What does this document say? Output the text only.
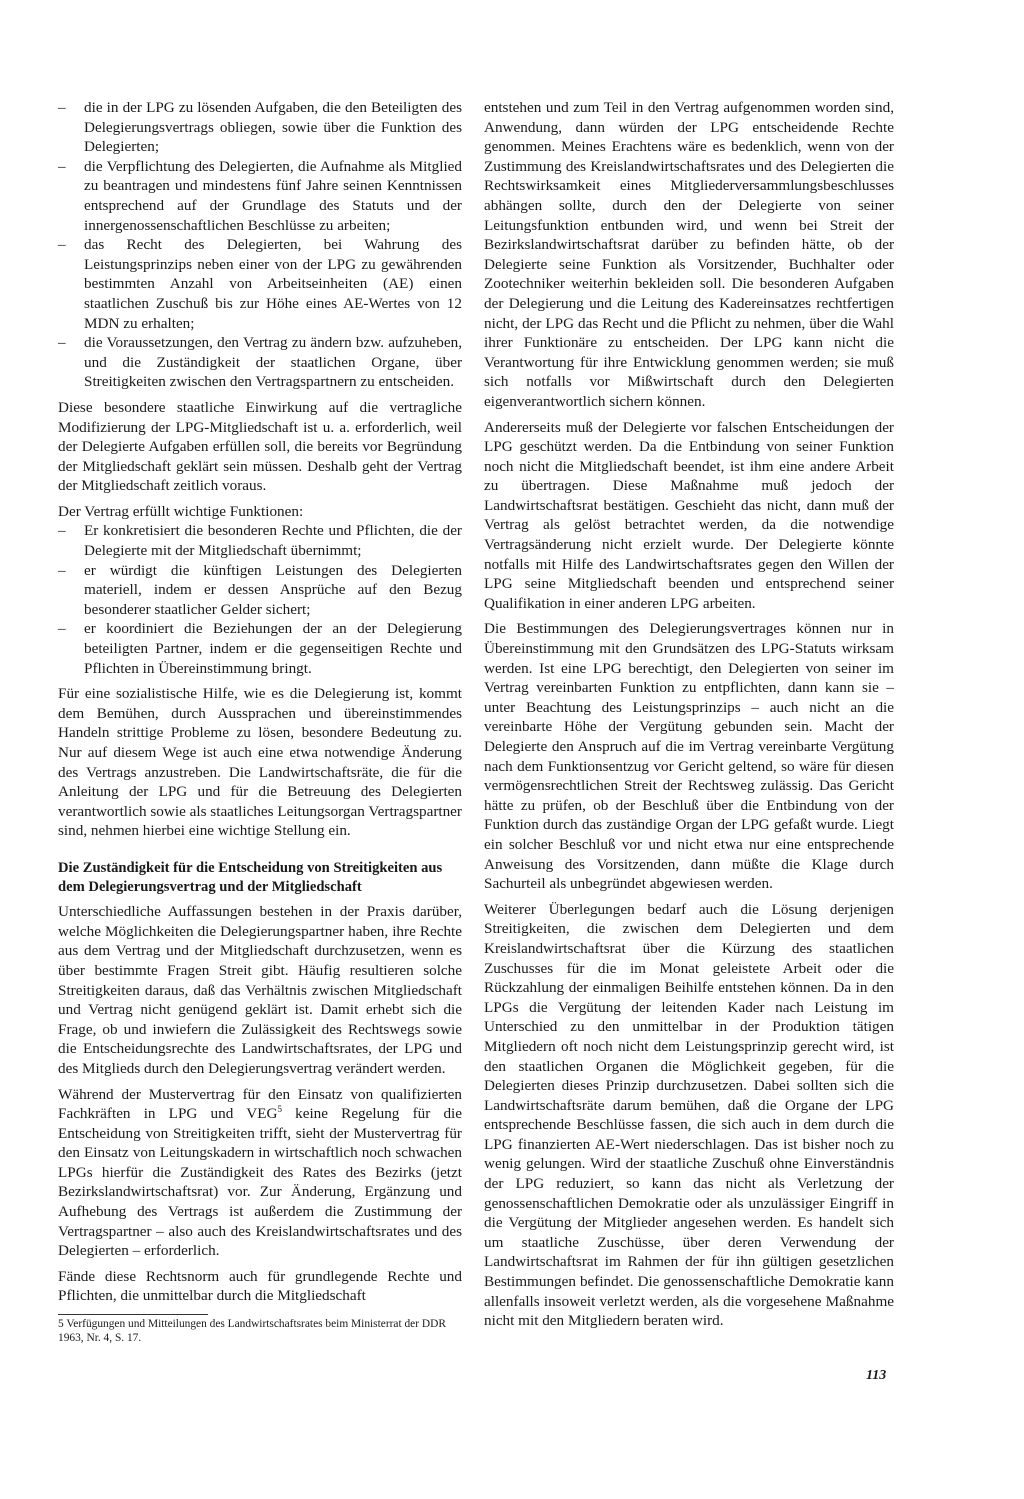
– die in der LPG zu lösenden Aufgaben, die den Beteiligten des Delegierungsvertrags obliegen, sowie über die Funktion des Delegierten;
– die Verpflichtung des Delegierten, die Aufnahme als Mitglied zu beantragen und mindestens fünf Jahre seinen Kenntnissen entsprechend auf der Grundlage des Statuts und der innergenossenschaftlichen Beschlüsse zu arbeiten;
– das Recht des Delegierten, bei Wahrung des Leistungsprinzips neben einer von der LPG zu gewährenden bestimmten Anzahl von Arbeitseinheiten (AE) einen staatlichen Zuschuß bis zur Höhe eines AE-Wertes von 12 MDN zu erhalten;
– die Voraussetzungen, den Vertrag zu ändern bzw. aufzuheben, und die Zuständigkeit der staatlichen Organe, über Streitigkeiten zwischen den Vertragspartnern zu entscheiden.

Diese besondere staatliche Einwirkung auf die vertragliche Modifizierung der LPG-Mitgliedschaft ist u. a. erforderlich, weil der Delegierte Aufgaben erfüllen soll, die bereits vor Begründung der Mitgliedschaft geklärt sein müssen. Deshalb geht der Vertrag der Mitgliedschaft zeitlich voraus.

Der Vertrag erfüllt wichtige Funktionen:

– Er konkretisiert die besonderen Rechte und Pflichten, die der Delegierte mit der Mitgliedschaft übernimmt;
– er würdigt die künftigen Leistungen des Delegierten materiell, indem er dessen Ansprüche auf den Bezug besonderer staatlicher Gelder sichert;
– er koordiniert die Beziehungen der an der Delegierung beteiligten Partner, indem er die gegenseitigen Rechte und Pflichten in Übereinstimmung bringt.

Für eine sozialistische Hilfe, wie es die Delegierung ist, kommt dem Bemühen, durch Aussprachen und übereinstimmendes Handeln strittige Probleme zu lösen, besondere Bedeutung zu. Nur auf diesem Wege ist auch eine etwa notwendige Änderung des Vertrags anzustreben. Die Landwirtschaftsräte, die für die Anleitung der LPG und für die Betreuung des Delegierten verantwortlich sowie als staatliches Leitungsorgan Vertragspartner sind, nehmen hierbei eine wichtige Stellung ein.

Die Zuständigkeit für die Entscheidung von Streitigkeiten aus dem Delegierungsvertrag und der Mitgliedschaft

Unterschiedliche Auffassungen bestehen in der Praxis darüber, welche Möglichkeiten die Delegierungspartner haben, ihre Rechte aus dem Vertrag und der Mitgliedschaft durchzusetzen, wenn es über bestimmte Fragen Streit gibt. Häufig resultieren solche Streitigkeiten daraus, daß das Verhältnis zwischen Mitgliedschaft und Vertrag nicht genügend geklärt ist. Damit erhebt sich die Frage, ob und inwiefern die Zulässigkeit des Rechtswegs sowie die Entscheidungsrechte des Landwirtschaftsrates, der LPG und des Mitglieds durch den Delegierungsvertrag verändert werden.

Während der Mustervertrag für den Einsatz von qualifizierten Fachkräften in LPG und VEG$^5$ keine Regelung für die Entscheidung von Streitigkeiten trifft, sieht der Mustervertrag für den Einsatz von Leitungskadern in wirtschaftlich noch schwachen LPGs hierfür die Zuständigkeit des Rates des Bezirks (jetzt Bezirkslandwirtschaftsrat) vor. Zur Änderung, Ergänzung und Aufhebung des Vertrags ist außerdem die Zustimmung der Vertragspartner – also auch des Kreislandwirtschaftsrates und des Delegierten – erforderlich.

Fände diese Rechtsnorm auch für grundlegende Rechte und Pflichten, die unmittelbar durch die Mitgliedschaft

5 Verfügungen und Mitteilungen des Landwirtschaftsrates beim Ministerrat der DDR 1963, Nr. 4, S. 17.

entstehen und zum Teil in den Vertrag aufgenommen worden sind, Anwendung, dann würden der LPG entscheidende Rechte genommen. Meines Erachtens wäre es bedenklich, wenn von der Zustimmung des Kreislandwirtschaftsrates und des Delegierten die Rechtswirksamkeit eines Mitgliederversammlungsbeschlusses abhängen sollte, durch den der Delegierte von seiner Leitungsfunktion entbunden wird, und wenn bei Streit der Bezirkslandwirtschaftsrat darüber zu befinden hätte, ob der Delegierte seine Funktion als Vorsitzender, Buchhalter oder Zootechniker weiterhin bekleiden soll. Die besonderen Aufgaben der Delegierung und die Leitung des Kadereinsatzes rechtfertigen nicht, der LPG das Recht und die Pflicht zu nehmen, über die Wahl ihrer Funktionäre zu entscheiden. Der LPG kann nicht die Verantwortung für ihre Entwicklung genommen werden; sie muß sich notfalls vor Mißwirtschaft durch den Delegierten eigenverantwortlich sichern können.

Andererseits muß der Delegierte vor falschen Entscheidungen der LPG geschützt werden. Da die Entbindung von seiner Funktion noch nicht die Mitgliedschaft beendet, ist ihm eine andere Arbeit zu übertragen. Diese Maßnahme muß jedoch der Landwirtschaftsrat bestätigen. Geschieht das nicht, dann muß der Vertrag als gelöst betrachtet werden, da die notwendige Vertragsänderung nicht erzielt wurde. Der Delegierte könnte notfalls mit Hilfe des Landwirtschaftsrates gegen den Willen der LPG seine Mitgliedschaft beenden und entsprechend seiner Qualifikation in einer anderen LPG arbeiten.

Die Bestimmungen des Delegierungsvertrages können nur in Übereinstimmung mit den Grundsätzen des LPG-Statuts wirksam werden. Ist eine LPG berechtigt, den Delegierten von seiner im Vertrag vereinbarten Funktion zu entpflichten, dann kann sie – unter Beachtung des Leistungsprinzips – auch nicht an die vereinbarte Höhe der Vergütung gebunden sein. Macht der Delegierte den Anspruch auf die im Vertrag vereinbarte Vergütung nach dem Funktionsentzug vor Gericht geltend, so wäre für diesen vermögensrechtlichen Streit der Rechtsweg zulässig. Das Gericht hätte zu prüfen, ob der Beschluß über die Entbindung von der Funktion durch das zuständige Organ der LPG gefaßt wurde. Liegt ein solcher Beschluß vor und nicht etwa nur eine entsprechende Anweisung des Vorsitzenden, dann müßte die Klage durch Sachurteil als unbegründet abgewiesen werden.

Weiterer Überlegungen bedarf auch die Lösung derjenigen Streitigkeiten, die zwischen dem Delegierten und dem Kreislandwirtschaftsrat über die Kürzung des staatlichen Zuschusses für die im Monat geleistete Arbeit oder die Rückzahlung der einmaligen Beihilfe entstehen können. Da in den LPGs die Vergütung der leitenden Kader nach Leistung im Unterschied zu den unmittelbar in der Produktion tätigen Mitgliedern oft noch nicht dem Leistungsprinzip gerecht wird, ist den staatlichen Organen die Möglichkeit gegeben, für die Delegierten dieses Prinzip durchzusetzen. Dabei sollten sich die Landwirtschaftsräte darum bemühen, daß die Organe der LPG entsprechende Beschlüsse fassen, die sich auch in dem durch die LPG finanzierten AE-Wert niederschlagen. Das ist bisher noch zu wenig gelungen. Wird der staatliche Zuschuß ohne Einverständnis der LPG reduziert, so kann das nicht als Verletzung der genossenschaftlichen Demokratie oder als unzulässiger Eingriff in die Vergütung der Mitglieder angesehen werden. Es handelt sich um staatliche Zuschüsse, über deren Verwendung der Landwirtschaftsrat im Rahmen der für ihn gültigen gesetzlichen Bestimmungen befindet. Die genossenschaftliche Demokratie kann allenfalls insoweit verletzt werden, als die vorgesehene Maßnahme nicht mit den Mitgliedern beraten wird.

113
